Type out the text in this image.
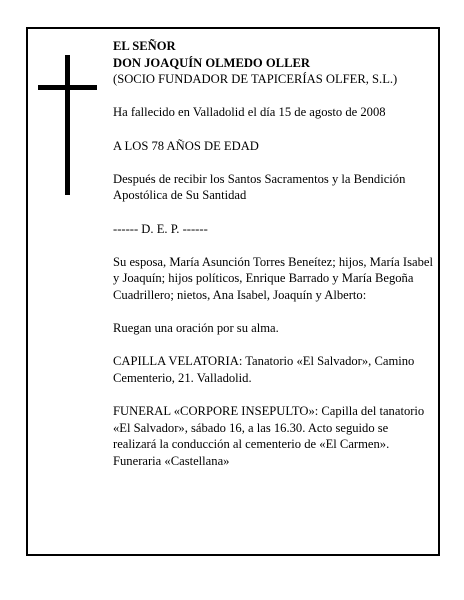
EL SEÑOR
DON JOAQUÍN OLMEDO OLLER
(SOCIO FUNDADOR DE TAPICERÍAS OLFER, S.L.)

Ha fallecido en Valladolid el día 15 de agosto de 2008

A LOS 78 AÑOS DE EDAD

Después de recibir los Santos Sacramentos y la Bendición Apostólica de Su Santidad

------ D. E. P. ------

Su esposa, María Asunción Torres Beneítez; hijos, María Isabel y Joaquín; hijos políticos, Enrique Barrado y María Begoña Cuadrillero; nietos, Ana Isabel, Joaquín y Alberto:

Ruegan una oración por su alma.

CAPILLA VELATORIA: Tanatorio «El Salvador», Camino Cementerio, 21. Valladolid.

FUNERAL «CORPORE INSEPULTO»: Capilla del tanatorio «El Salvador», sábado 16, a las 16.30. Acto seguido se realizará la conducción al cementerio de «El Carmen».

Funeraria «Castellana»
